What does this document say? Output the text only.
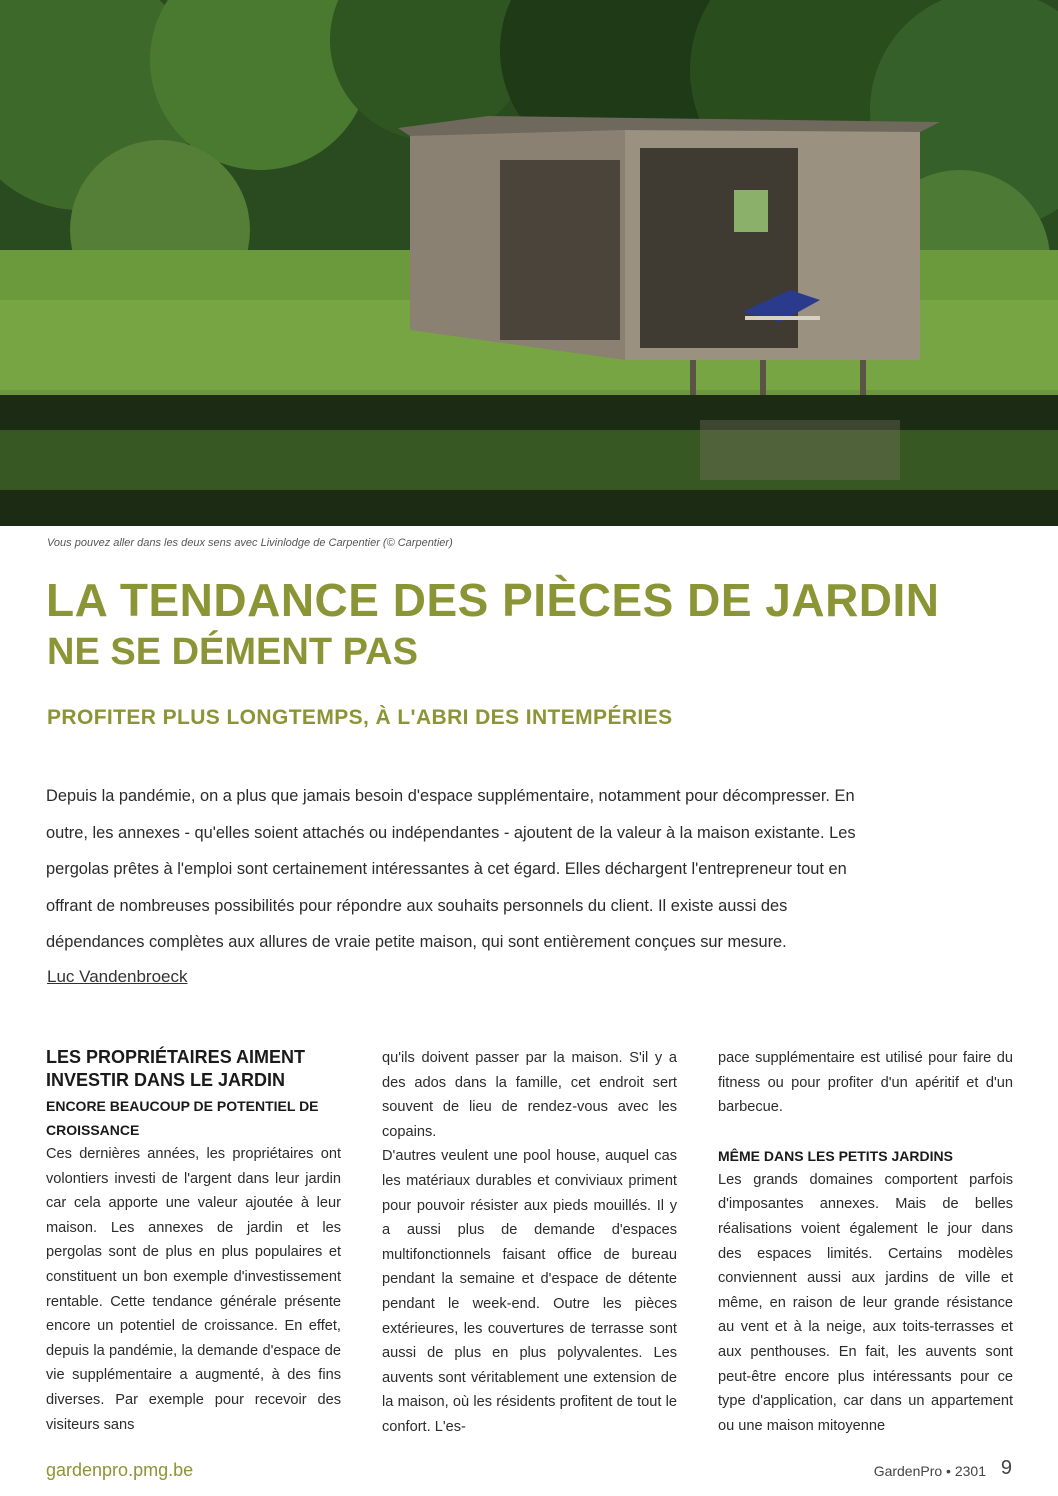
Vous pouvez aller dans les deux sens avec Livinlodge de Carpentier (© Carpentier)
LA TENDANCE DES PIÈCES DE JARDIN
NE SE DÉMENT PAS
PROFITER PLUS LONGTEMPS, À L'ABRI DES INTEMPÉRIES

Depuis la pandémie, on a plus que jamais besoin d'espace supplémentaire, notamment pour décompresser. En outre, les annexes - qu'elles soient attachés ou indépendantes - ajoutent de la valeur à la maison existante. Les pergolas prêtes à l'emploi sont certainement intéressantes à cet égard. Elles déchargent l'entrepreneur tout en offrant de nombreuses possibilités pour répondre aux souhaits personnels du client. Il existe aussi des dépendances complètes aux allures de vraie petite maison, qui sont entièrement conçues sur mesure.

Luc Vandenbroeck
LES PROPRIÉTAIRES AIMENT INVESTIR DANS LE JARDIN
ENCORE BEAUCOUP DE POTENTIEL DE CROISSANCE

Ces dernières années, les propriétaires ont volontiers investi de l'argent dans leur jardin car cela apporte une valeur ajoutée à leur maison. Les annexes de jardin et les pergolas sont de plus en plus populaires et constituent un bon exemple d'investissement rentable. Cette tendance générale présente encore un potentiel de croissance. En effet, depuis la pandémie, la demande d'espace de vie supplémentaire a augmenté, à des fins diverses. Par exemple pour recevoir des visiteurs sans

qu'ils doivent passer par la maison. S'il y a des ados dans la famille, cet endroit sert souvent de lieu de rendez-vous avec les copains.

D'autres veulent une pool house, auquel cas les matériaux durables et conviviaux priment pour pouvoir résister aux pieds mouillés. Il y a aussi plus de demande d'espaces multifonctionnels faisant office de bureau pendant la semaine et d'espace de détente pendant le week-end. Outre les pièces extérieures, les couvertures de terrasse sont aussi de plus en plus polyvalentes. Les auvents sont véritablement une extension de la maison, où les résidents profitent de tout le confort. L'es-

pace supplémentaire est utilisé pour faire du fitness ou pour profiter d'un apéritif et d'un barbecue.

MÊME DANS LES PETITS JARDINS

Les grands domaines comportent parfois d'imposantes annexes. Mais de belles réalisations voient également le jour dans des espaces limités. Certains modèles conviennent aussi aux jardins de ville et même, en raison de leur grande résistance au vent et à la neige, aux toits-terrasses et aux penthouses. En fait, les auvents sont peut-être encore plus intéressants pour ce type d'application, car dans un appartement ou une maison mitoyenne

gardenpro.pmg.be	GardenPro • 2301 9
